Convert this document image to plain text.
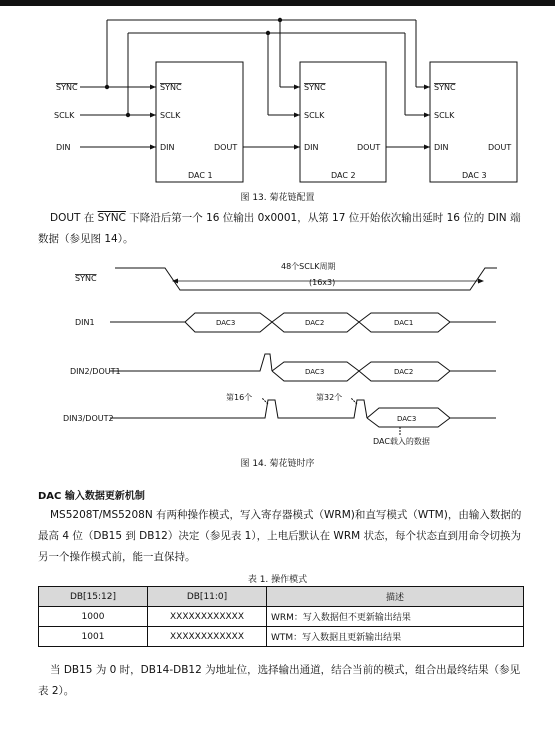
SYNC
SCLK
DIN
SYNC
SCLK
DIN	DOUT
DAC 1
SYNC
SCLK
DIN	DOUT
DAC 2
SYNC
SCLK
DIN	DOUT
DAC 3
图 13. 菊花链配置
DOUT 在 SYNC 下降沿后第一个 16 位输出 0x0001，从第 17 位开始依次输出延时 16 位的 DIN 端数据（参见图 14）。
SYNC
48个SCLK周期
(16x3)
DIN1
DIN2/DOUT1
DIN3/DOUT2
DAC3	DAC2	DAC1
DAC3	DAC2
DAC3
第16个	第32个
DAC载入的数据
图 14. 菊花链时序
DAC 输入数据更新机制
MS5208T/MS5208N 有两种操作模式，写入寄存器模式（WRM)和直写模式（WTM)，由输入数据的最高 4 位（DB15 到 DB12）决定（参见表 1），上电后默认在 WRM 状态，每个状态直到用命令切换为另一个操作模式前，能一直保持。
表 1. 操作模式
DB[15:12]	DB[11:0]	描述
1000	XXXXXXXXXXXX	WRM：写入数据但不更新输出结果
1001	XXXXXXXXXXXX	WTM：写入数据且更新输出结果
当 DB15 为 0 时，DB14-DB12 为地址位，选择输出通道，结合当前的模式，组合出最终结果（参见表 2）。
